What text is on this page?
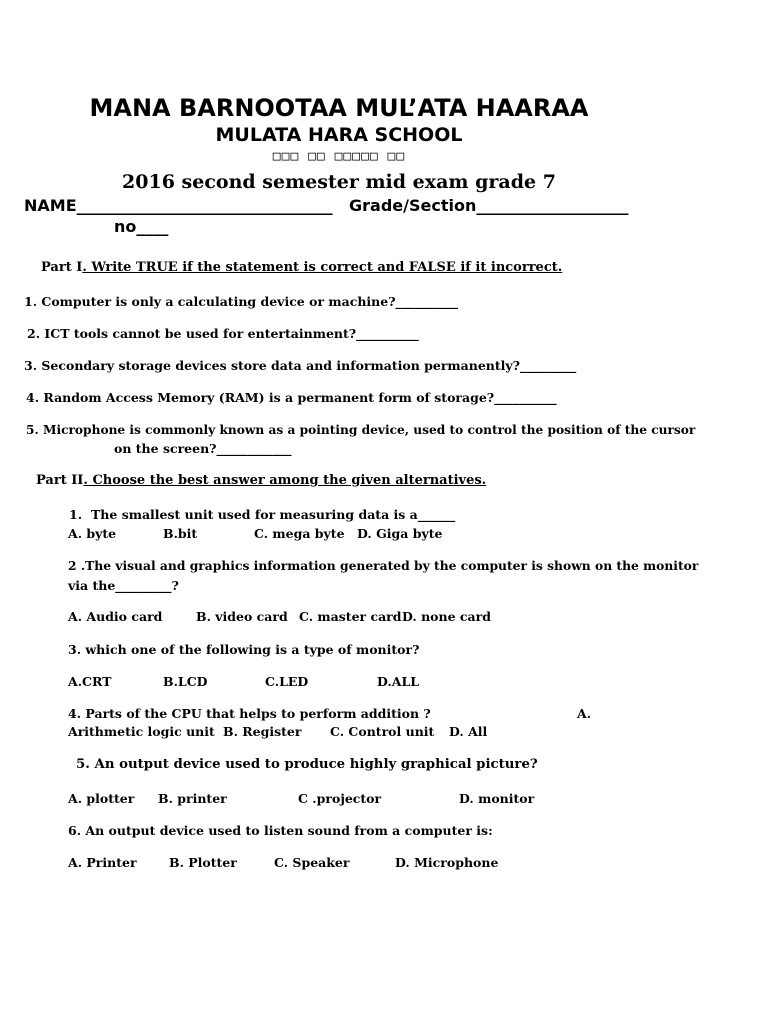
MANA BARNOOTAA MUL’ATA HAARAA
MULATA HARA SCHOOL
□□□ □□ □□□□□ □□
2016 second semester mid exam grade 7
NAME________________________________ Grade/Section___________________
no____
Part I. Write TRUE if the statement is correct and FALSE if it incorrect.
1. Computer is only a calculating device or machine?__________
2. ICT tools cannot be used for entertainment?__________
3. Secondary storage devices store data and information permanently?_________
4. Random Access Memory (RAM) is a permanent form of storage?__________
5. Microphone is commonly known as a pointing device, used to control the position of the cursor
on the screen?____________
Part II. Choose the best answer among the given alternatives.
1. The smallest unit used for measuring data is a______
A. byte	B.bit	C. mega byte D. Giga byte
2 .The visual and graphics information generated by the computer is shown on the monitor
via the_________?
A. Audio card	B. video card C. master card D. none card
3. which one of the following is a type of monitor?
A.CRT	B.LCD	C.LED	D.ALL
4. Parts of the CPU that helps to perform addition ?	A.
Arithmetic logic unit B. Register C. Control unit D. All
5. An output device used to produce highly graphical picture?
A. plotter B. printer	C .projector	D. monitor
6. An output device used to listen sound from a computer is:
A. Printer	B. Plotter	C. Speaker	D. Microphone
